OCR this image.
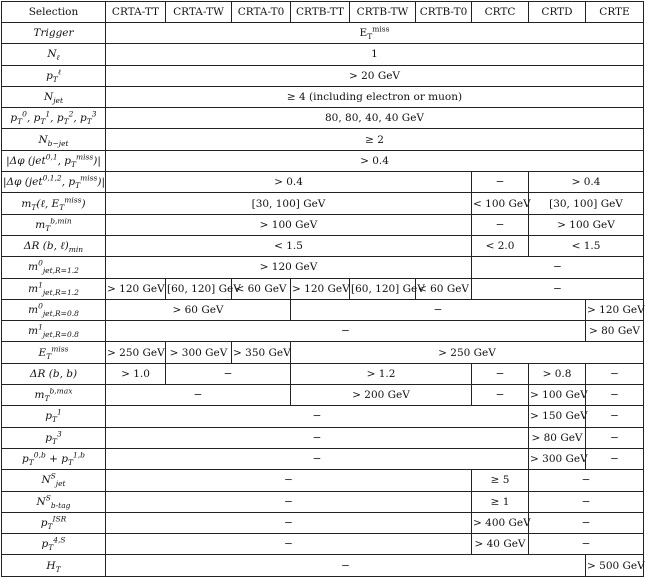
Selection	CRTA-TT	CRTA-TW	CRTA-T0	CRTB-TT	CRTB-TW	CRTB-T0	CRTC	CRTD	CRTE
Trigger	$E_T^{miss}$
$N_\ell$	1								
$p_T^\ell$	> 20 GeV								
$N_{jet}$	≥ 4 (including electron or muon)								
$p_T^0$, $p_T^1$, $p_T^2$, $p_T^3$	80, 80, 40, 40 GeV								
$N_{b-jet}$	≥ 2								
|Δφ (jet$^{0,1}$, $p_T^{miss})|$	> 0.4								
|Δφ (jet$^{0,1,2}$, $p_T^{miss})|$	> 0.4						−	> 0.4	
$m_T(\ell$, $E_T^{miss}$)	[30, 100] GeV						< 100 GeV	[30, 100] GeV	
$m_T^{b,min}$	> 100 GeV						−	> 100 GeV	
ΔR (b, $\ell)_{min}$	< 1.5						< 2.0	< 1.5	
$m^0_{jet,R=1.2}$	> 120 GeV						−		
$m^1_{jet,R=1.2}$	> 120 GeV	[60, 120] GeV	< 60 GeV	> 120 GeV	[60, 120] GeV	< 60 GeV	−		
$m^0_{jet,R=0.8}$	> 60 GeV			−					> 120 GeV
$m^1_{jet,R=0.8}$	−								> 80 GeV
$E_T^{miss}$	> 250 GeV	> 300 GeV	> 350 GeV	> 250 GeV					
ΔR (b, b)	> 1.0	−		> 1.2			−	> 0.8	−
$m_T^{b,max}$	−			> 200 GeV			−	> 100 GeV	−
$p_T^1$	−							> 150 GeV	−
$p_T^3$	−							> 80 GeV	−
$p_T^{0,b} + p_T^{1,b}$	−							> 300 GeV	−
$N^S_{jet}$	−						≥ 5	−	
$N^S_{b-tag}$	−						≥ 1	−	
$p_T^{ISR}$	−						> 400 GeV	−	
$p_T^{4,S}$	−						> 40 GeV	−	
$H_T$	−								> 500 GeV
